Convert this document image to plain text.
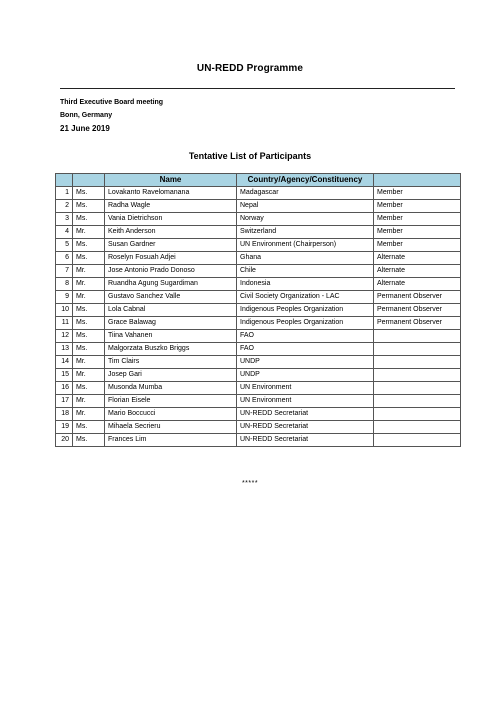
UN-REDD Programme
Third Executive Board meeting
Bonn, Germany
21 June 2019
Tentative List of Participants
		Name	Country/Agency/Constituency	
1	Ms.	Lovakanto Ravelomanana	Madagascar	Member
2	Ms.	Radha Wagle	Nepal	Member
3	Ms.	Vania Dietrichson	Norway	Member
4	Mr.	Keith Anderson	Switzerland	Member
5	Ms.	Susan Gardner	UN Environment (Chairperson)	Member
6	Ms.	Roselyn Fosuah Adjei	Ghana	Alternate
7	Mr.	Jose Antonio Prado Donoso	Chile	Alternate
8	Mr.	Ruandha Agung Sugardiman	Indonesia	Alternate
9	Mr.	Gustavo Sanchez Valle	Civil Society Organization - LAC	Permanent Observer
10	Ms.	Lola Cabnal	Indigenous Peoples Organization	Permanent Observer
11	Ms.	Grace Balawag	Indigenous Peoples Organization	Permanent Observer
12	Ms.	Tiina Vahanen	FAO	
13	Ms.	Malgorzata Buszko Briggs	FAO	
14	Mr.	Tim Clairs	UNDP	
15	Mr.	Josep Gari	UNDP	
16	Ms.	Musonda Mumba	UN Environment	
17	Mr.	Florian Eisele	UN Environment	
18	Mr.	Mario Boccucci	UN-REDD Secretariat	
19	Ms.	Mihaela Secrieru	UN-REDD Secretariat	
20	Ms.	Frances Lim	UN-REDD Secretariat	
*****
